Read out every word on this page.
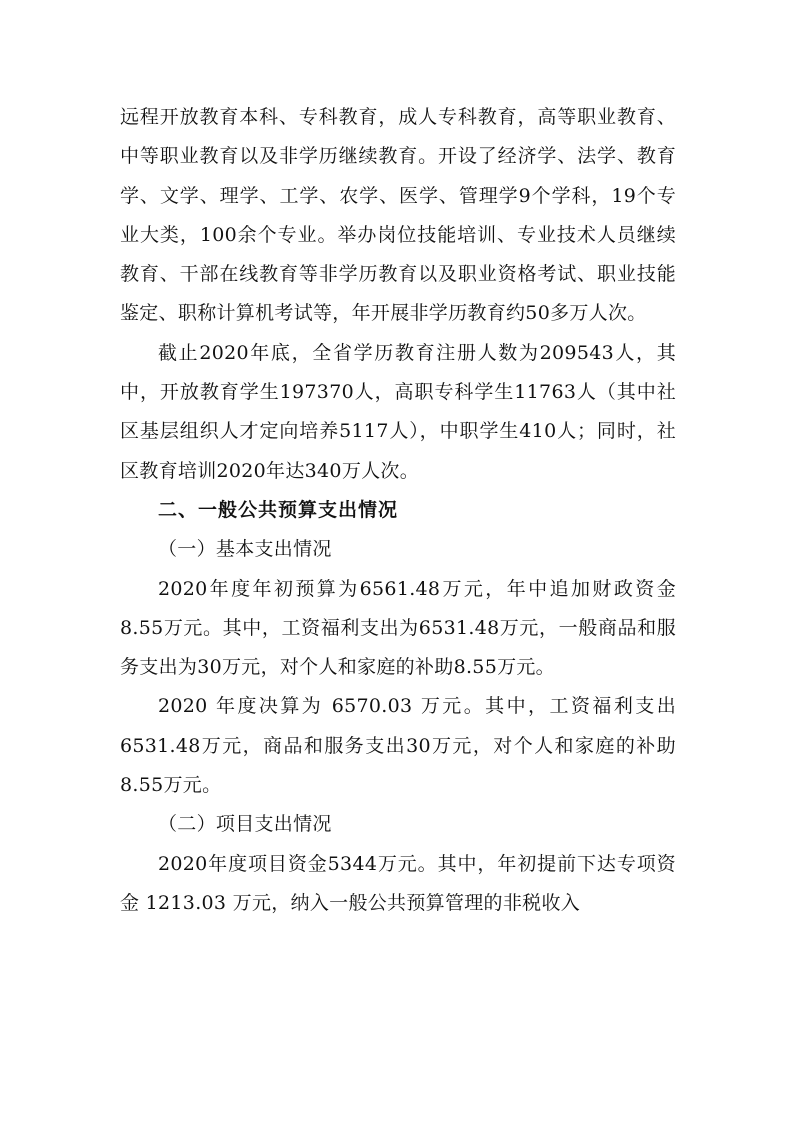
远程开放教育本科、专科教育，成人专科教育，高等职业教育、中等职业教育以及非学历继续教育。开设了经济学、法学、教育学、文学、理学、工学、农学、医学、管理学9个学科，19个专业大类，100余个专业。举办岗位技能培训、专业技术人员继续教育、干部在线教育等非学历教育以及职业资格考试、职业技能鉴定、职称计算机考试等，年开展非学历教育约50多万人次。

截止2020年底，全省学历教育注册人数为209543人，其中，开放教育学生197370人，高职专科学生11763人（其中社区基层组织人才定向培养5117人），中职学生410人；同时，社区教育培训2020年达340万人次。

二、一般公共预算支出情况

（一）基本支出情况

2020年度年初预算为6561.48万元，年中追加财政资金8.55万元。其中，工资福利支出为6531.48万元，一般商品和服务支出为30万元，对个人和家庭的补助8.55万元。

2020 年度决算为 6570.03 万元。其中，工资福利支出6531.48万元，商品和服务支出30万元，对个人和家庭的补助8.55万元。

（二）项目支出情况

2020年度项目资金5344万元。其中，年初提前下达专项资金 1213.03 万元，纳入一般公共预算管理的非税收入
